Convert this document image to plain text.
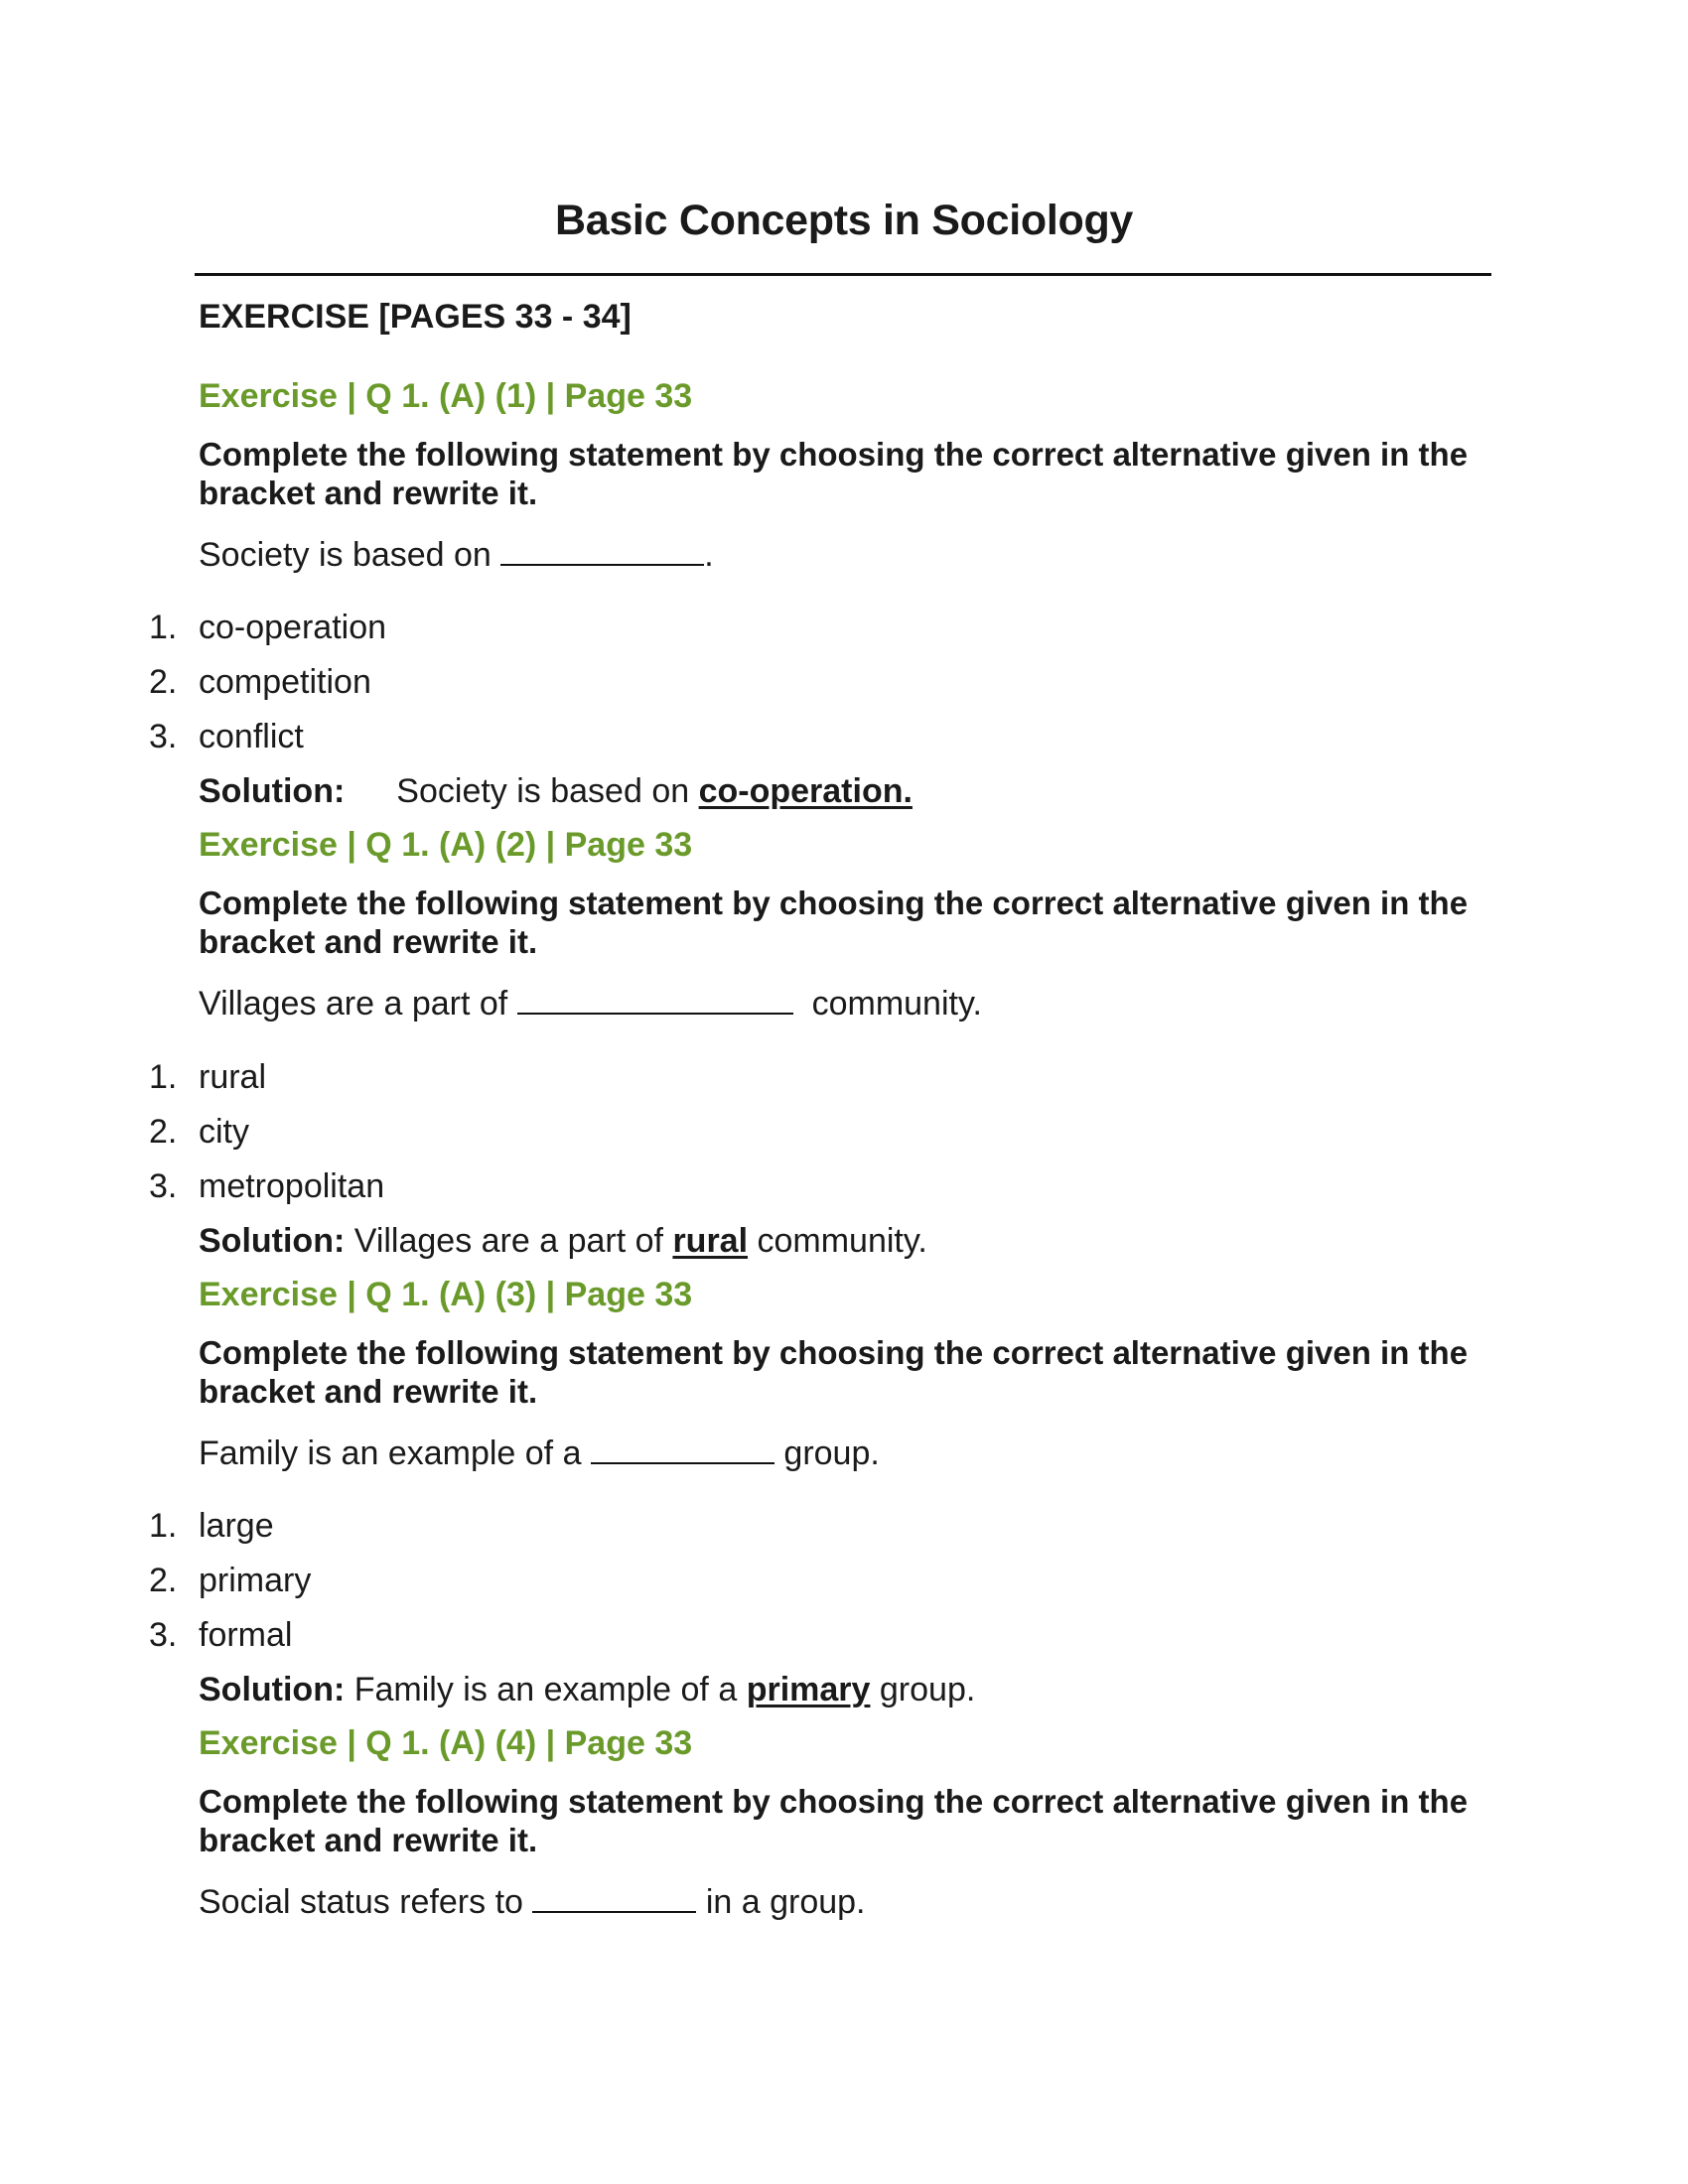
Basic Concepts in Sociology
EXERCISE [PAGES 33 - 34]
Exercise | Q 1. (A) (1) | Page 33
Complete the following statement by choosing the correct alternative given in the bracket and rewrite it.
Society is based on	.
1. co-operation
2. competition
3. conflict
Solution: Society is based on co-operation.
Exercise | Q 1. (A) (2) | Page 33
Complete the following statement by choosing the correct alternative given in the bracket and rewrite it.
Villages are a part of	community.
1. rural
2. city
3. metropolitan
Solution: Villages are a part of rural community.
Exercise | Q 1. (A) (3) | Page 33
Complete the following statement by choosing the correct alternative given in the bracket and rewrite it.
Family is an example of a	group.
1. large
2. primary
3. formal
Solution: Family is an example of a primary group.
Exercise | Q 1. (A) (4) | Page 33
Complete the following statement by choosing the correct alternative given in the bracket and rewrite it.
Social status refers to	in a group.
